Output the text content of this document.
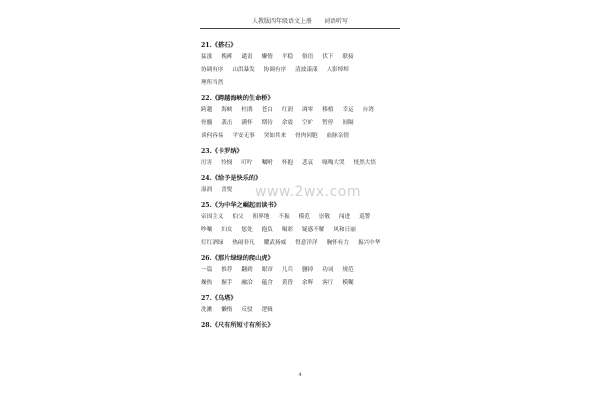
人教版四年级语文上册　　词语听写
www.2wx.com
21.《搭石》
猛涨 挽裤 谴责 懒惰 平稳 俗语 伏下 联接
协调有序 山洪暴发 协调有序 清波漾漾 人影绰绰
理所当然
22.《跨越海峡的生命桥》
跨越 海峡 杜鹃 苍白 红润 凋零 移植 幸运 台湾
骨髓 袭击 满怀 期待 余震 空旷 暂停 间隔
谈何容易 平安无事 突如其来 骨肉同胞 血脉亲情
23.《卡罗纳》
厉害 怜悯 叮咛 嘱咐 怀抱 悲哀 嚎啕大哭 恍然大悟
24.《给予是快乐的》
湿润 喜悦
25.《为中华之崛起而读书》
帝国主义 伯父 租界地 不振 模范 崇敬 闯进 巡警
吵嚷 妇女 惩处 抱负 喝彩 疑惑不解 风和日丽
灯红酒绿 热闹非凡 耀武扬威 得意洋洋 胸怀有力 振兴中华
26.《那片绿绿的爬山虎》
一篇 推荐 翻到 眼帘 儿兵 删掉 功词 规范
燥热 握手 融洽 蕴含 黄昏 余晖 客厅 模糊
27.《乌塔》
洗漱 懒惰 反驳 逻辑
28.《尺有所短寸有所长》
4
